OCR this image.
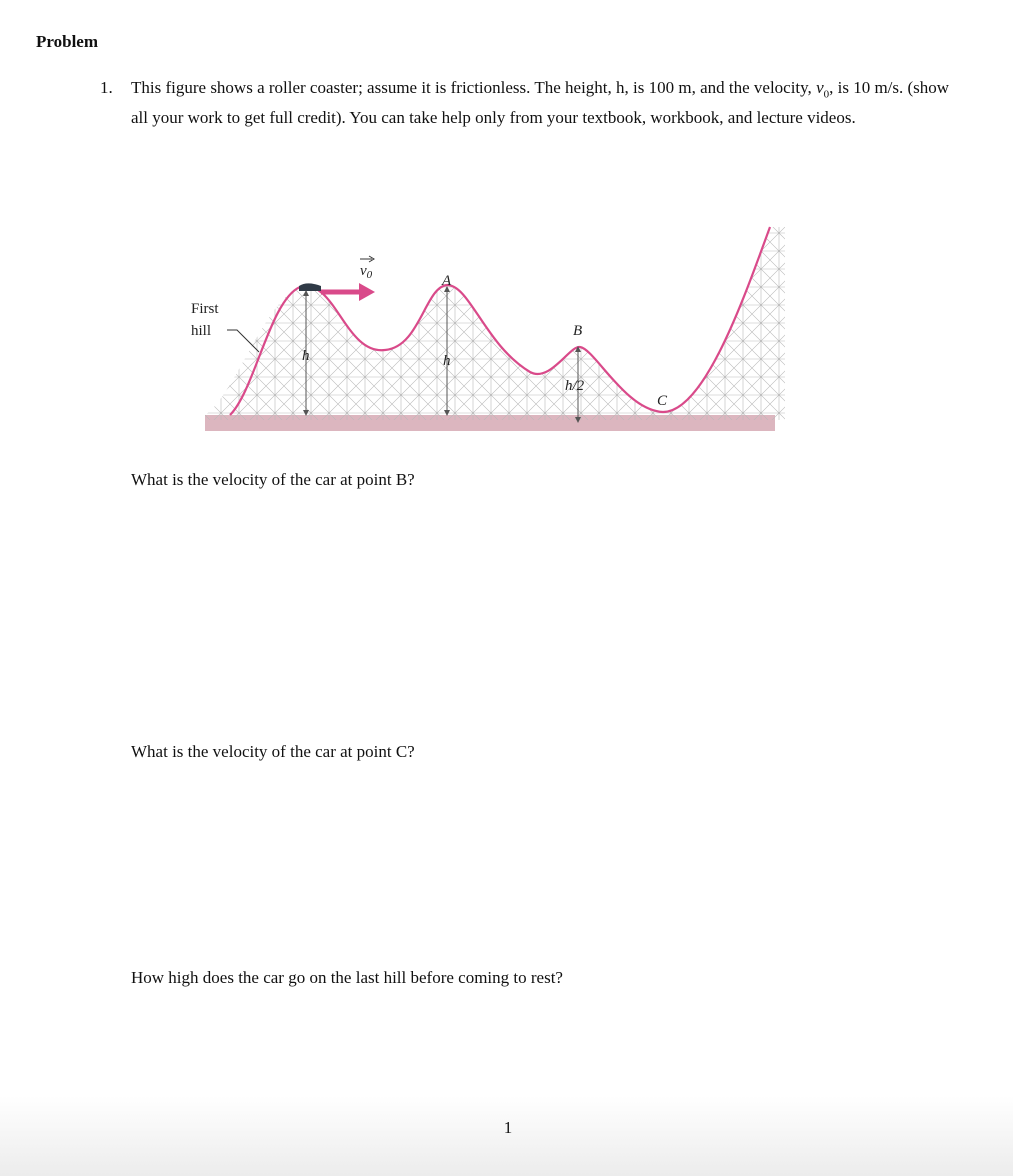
Problem
1. This figure shows a roller coaster; assume it is frictionless. The height, h, is 100 m, and the velocity, $v_0$, is 10 m/s. (show all your work to get full credit). You can take help only from your textbook, workbook, and lecture videos.
$v_0$
First
hill
A
B
C
h	h
h/2

What is the velocity of the car at point B?

What is the velocity of the car at point C?

How high does the car go on the last hill before coming to rest?

1
